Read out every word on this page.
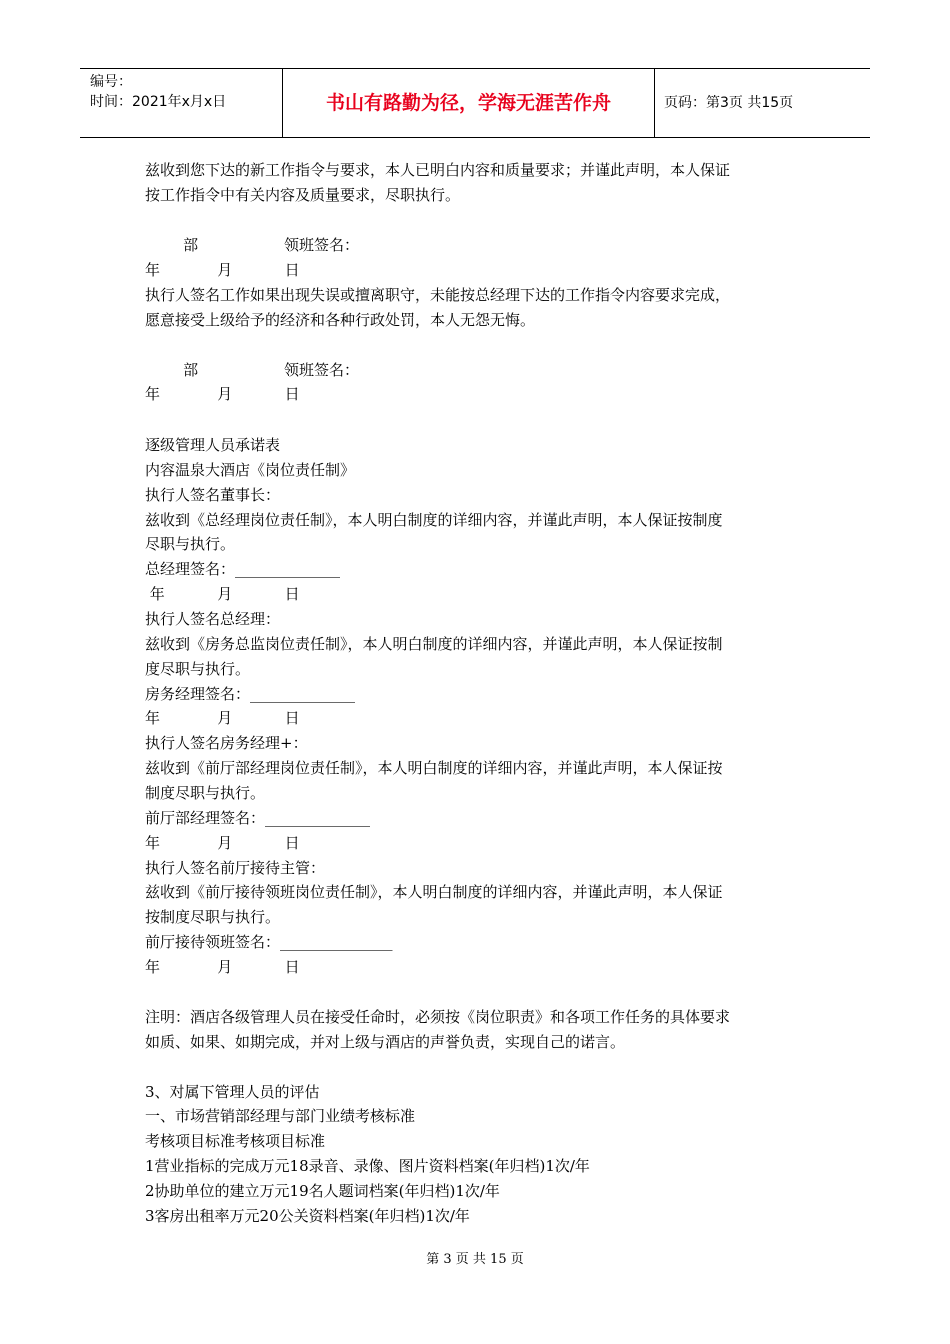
编号：
时间：2021年x月x日	书山有路勤为径，学海无涯苦作舟	页码：第3页 共15页
兹收到您下达的新工作指令与要求，本人已明白内容和质量要求；并谨此声明，本人保证
按工作指令中有关内容及质量要求，尽职执行。
部                  领班签名：
年            月           日
执行人签名工作如果出现失误或擅离职守，未能按总经理下达的工作指令内容要求完成，
愿意接受上级给予的经济和各种行政处罚，本人无怨无悔。
部                  领班签名：
年            月           日
逐级管理人员承诺表
内容温泉大酒店《岗位责任制》
执行人签名董事长：
兹收到《总经理岗位责任制》，本人明白制度的详细内容，并谨此声明，本人保证按制度
尽职与执行。
总经理签名：______________
年           月           日
执行人签名总经理：
兹收到《房务总监岗位责任制》，本人明白制度的详细内容，并谨此声明，本人保证按制
度尽职与执行。
房务经理签名：______________
年            月           日
执行人签名房务经理+：
兹收到《前厅部经理岗位责任制》，本人明白制度的详细内容，并谨此声明，本人保证按
制度尽职与执行。
前厅部经理签名：______________
年            月           日
执行人签名前厅接待主管：
兹收到《前厅接待领班岗位责任制》，本人明白制度的详细内容，并谨此声明，本人保证
按制度尽职与执行。
前厅接待领班签名：_______________
年            月           日
注明：酒店各级管理人员在接受任命时，必须按《岗位职责》和各项工作任务的具体要求
如质、如果、如期完成，并对上级与酒店的声誉负责，实现自己的诺言。
3、对属下管理人员的评估
一、市场营销部经理与部门业绩考核标准
考核项目标准考核项目标准
1营业指标的完成万元18录音、录像、图片资料档案(年归档)1次/年
2协助单位的建立万元19名人题词档案(年归档)1次/年
3客房出租率万元20公关资料档案(年归档)1次/年
第 3 页 共 15 页
